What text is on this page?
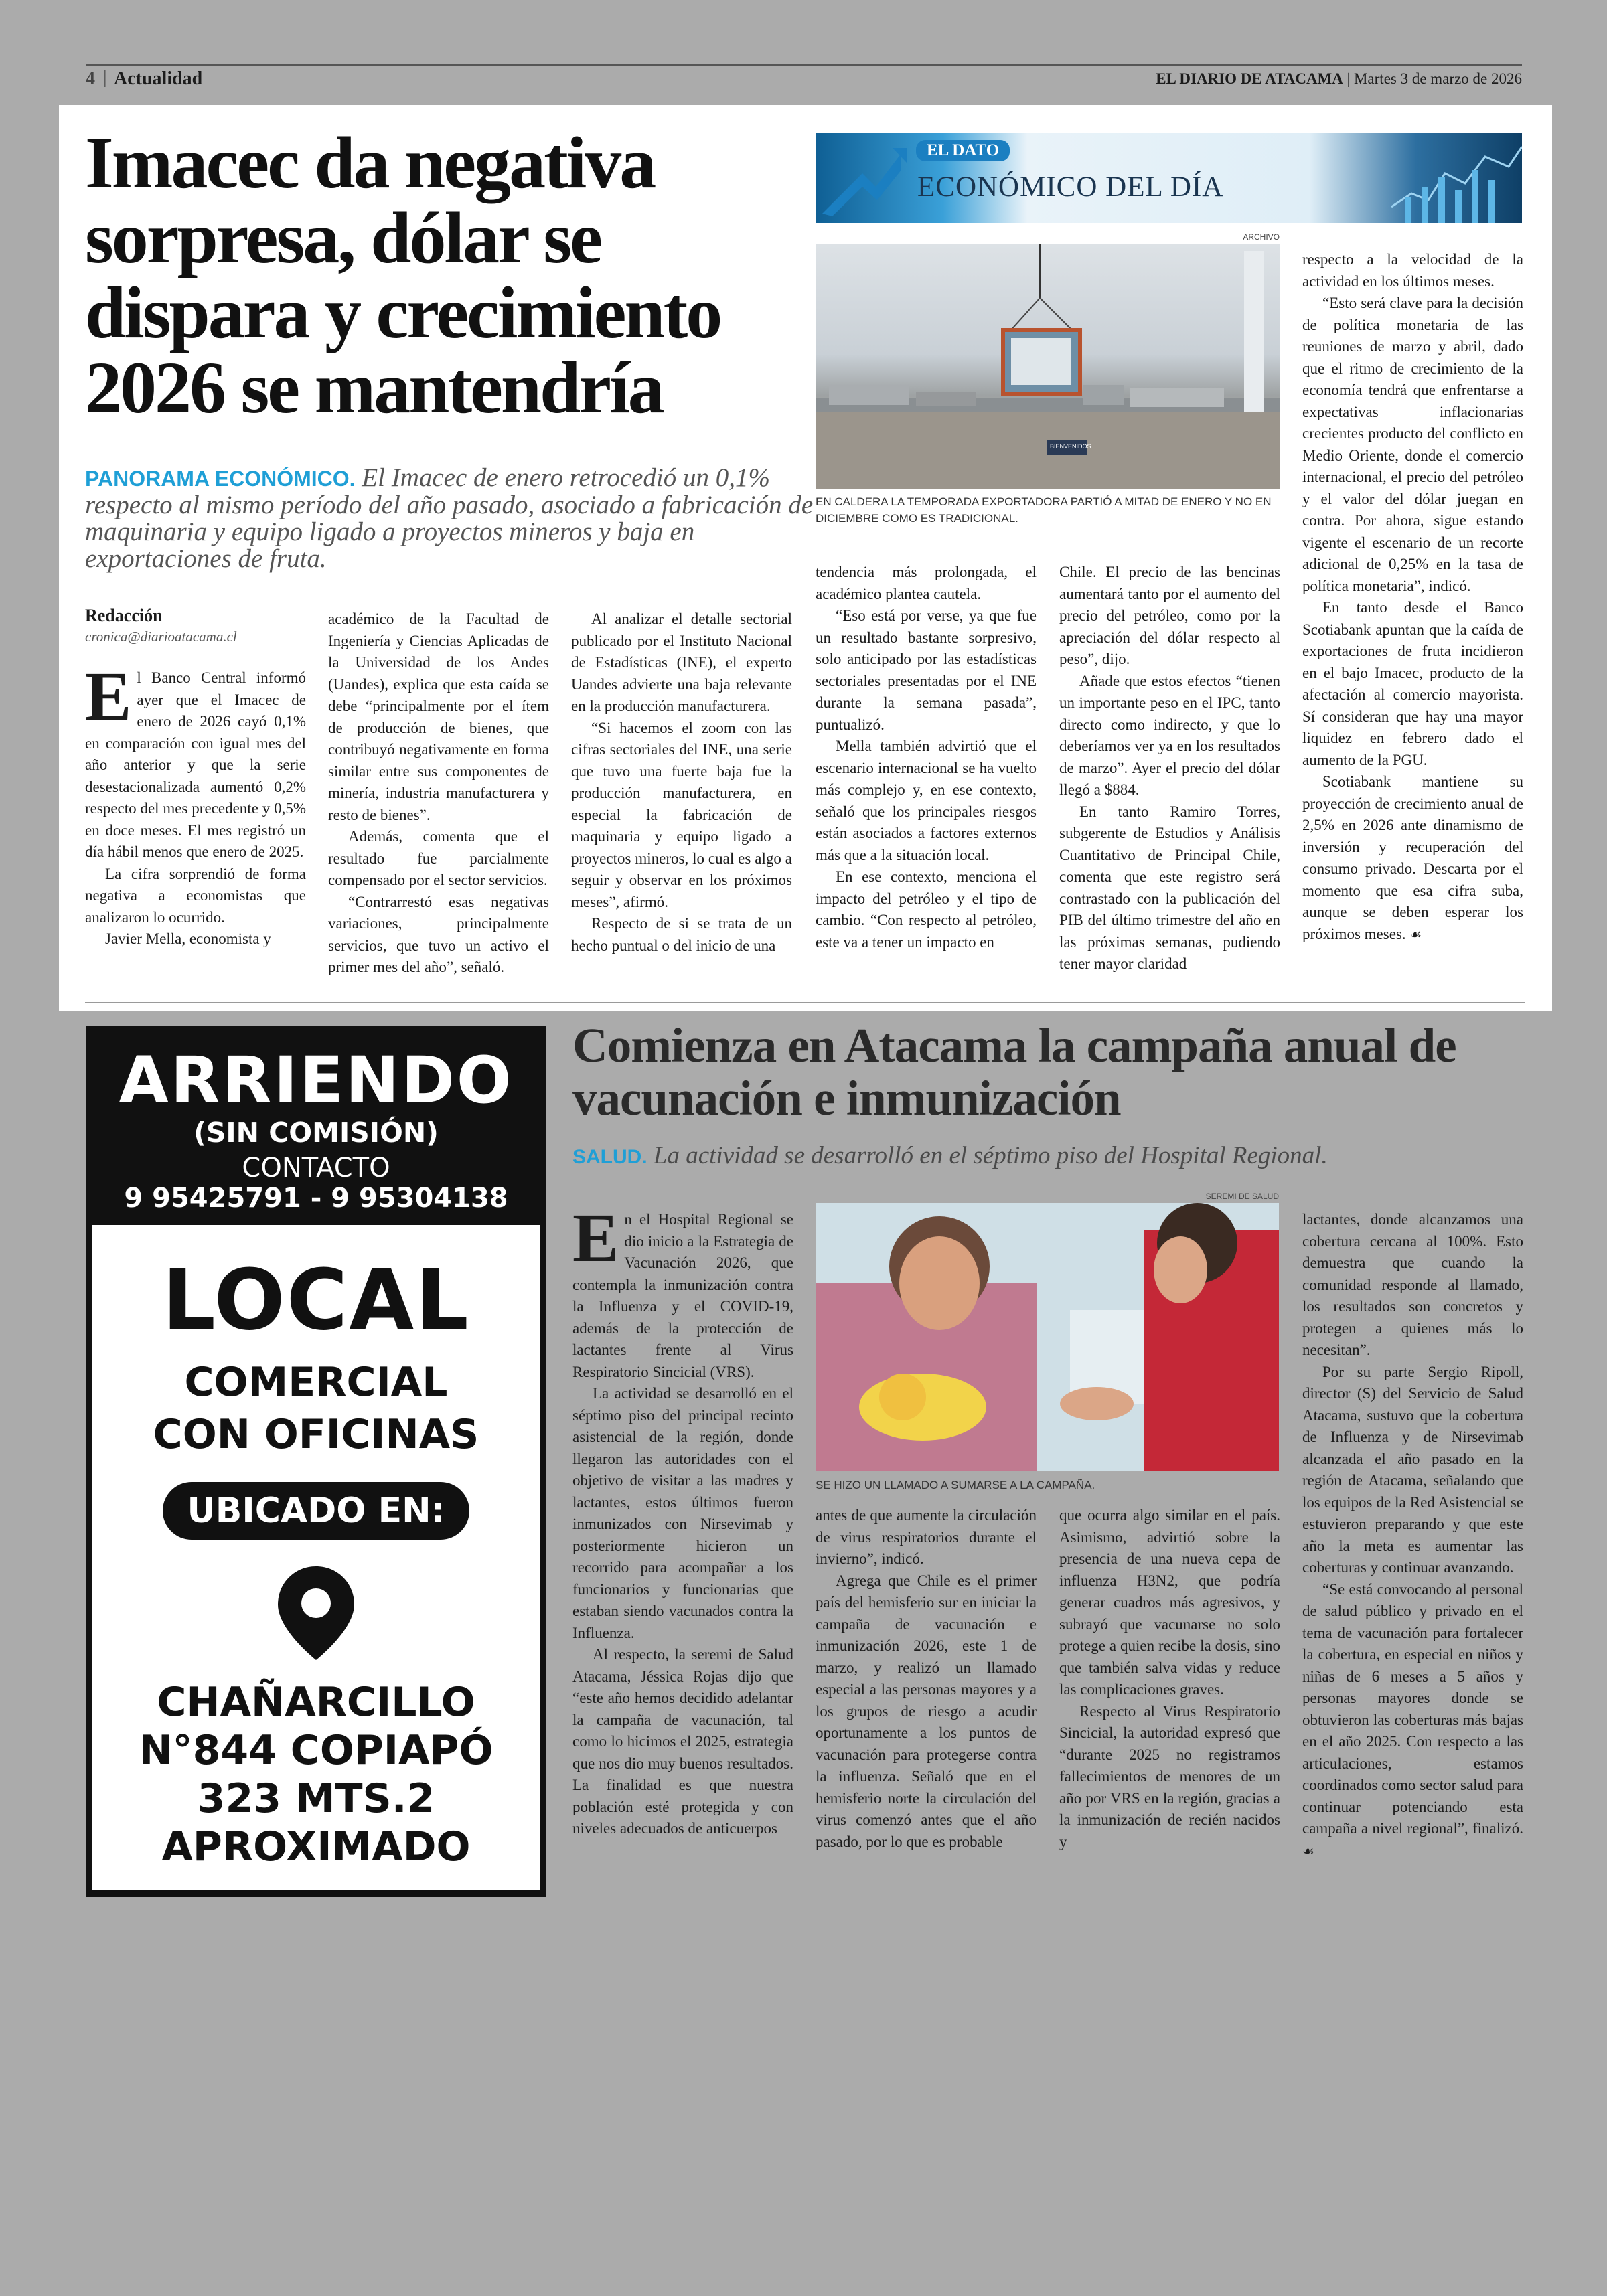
4 | Actualidad	EL DIARIO DE ATACAMA | Martes 3 de marzo de 2026
Imacec da negativa sorpresa, dólar se dispara y crecimiento 2026 se mantendría
PANORAMA ECONÓMICO. El Imacec de enero retrocedió un 0,1% respecto al mismo período del año pasado, asociado a fabricación de maquinaria y equipo ligado a proyectos mineros y baja en exportaciones de fruta.
EL DATO
ECONÓMICO DEL DÍA
ARCHIVO
BIENVENIDOS
EN CALDERA LA TEMPORADA EXPORTADORA PARTIÓ A MITAD DE ENERO Y NO EN DICIEMBRE COMO ES TRADICIONAL.
Redacción
cronica@diarioatacama.cl

El Banco Central informó ayer que el Imacec de enero de 2026 cayó 0,1% en comparación con igual mes del año anterior y que la serie desestacionalizada aumentó 0,2% respecto del mes precedente y 0,5% en doce meses. El mes registró un día hábil menos que enero de 2025.

La cifra sorprendió de forma negativa a economistas que analizaron lo ocurrido.

Javier Mella, economista y

académico de la Facultad de Ingeniería y Ciencias Aplicadas de la Universidad de los Andes (Uandes), explica que esta caída se debe “principalmente por el ítem de producción de bienes, que contribuyó negativamente en forma similar entre sus componentes de minería, industria manufacturera y resto de bienes”.

Además, comenta que el resultado fue parcialmente compensado por el sector servicios.

“Contrarrestó esas negativas variaciones, principalmente servicios, que tuvo un activo el primer mes del año”, señaló.

Al analizar el detalle sectorial publicado por el Instituto Nacional de Estadísticas (INE), el experto Uandes advierte una baja relevante en la producción manufacturera.

“Si hacemos el zoom con las cifras sectoriales del INE, una serie que tuvo una fuerte baja fue la producción manufacturera, en especial la fabricación de maquinaria y equipo ligado a proyectos mineros, lo cual es algo a seguir y observar en los próximos meses”, afirmó.

Respecto de si se trata de un hecho puntual o del inicio de una

tendencia más prolongada, el académico plantea cautela.

“Eso está por verse, ya que fue un resultado bastante sorpresivo, solo anticipado por las estadísticas sectoriales presentadas por el INE durante la semana pasada”, puntualizó.

Mella también advirtió que el escenario internacional se ha vuelto más complejo y, en ese contexto, señaló que los principales riesgos están asociados a factores externos más que a la situación local.

En ese contexto, menciona el impacto del petróleo y el tipo de cambio. “Con respecto al petróleo, este va a tener un impacto en

Chile. El precio de las bencinas aumentará tanto por el aumento del precio del petróleo, como por la apreciación del dólar respecto al peso”, dijo.

Añade que estos efectos “tienen un importante peso en el IPC, tanto directo como indirecto, y que lo deberíamos ver ya en los resultados de marzo”. Ayer el precio del dólar llegó a $884.

En tanto Ramiro Torres, subgerente de Estudios y Análisis Cuantitativo de Principal Chile, comenta que este registro será contrastado con la publicación del PIB del último trimestre del año en las próximas semanas, pudiendo tener mayor claridad

respecto a la velocidad de la actividad en los últimos meses.

“Esto será clave para la decisión de política monetaria de las reuniones de marzo y abril, dado que el ritmo de crecimiento de la economía tendrá que enfrentarse a expectativas inflacionarias crecientes producto del conflicto en Medio Oriente, donde el comercio internacional, el precio del petróleo y el valor del dólar juegan en contra. Por ahora, sigue estando vigente el escenario de un recorte adicional de 0,25% en la tasa de política monetaria”, indicó.

En tanto desde el Banco Scotiabank apuntan que la caída de exportaciones de fruta incidieron en el bajo Imacec, producto de la afectación al comercio mayorista. Sí consideran que hay una mayor liquidez en febrero dado el aumento de la PGU.

Scotiabank mantiene su proyección de crecimiento anual de 2,5% en 2026 ante dinamismo de inversión y recuperación del consumo privado. Descarta por el momento que esa cifra suba, aunque se deben esperar los próximos meses. ☙

ARRIENDO
(SIN COMISIÓN)
CONTACTO
9 95425791 - 9 95304138
LOCAL
COMERCIAL
CON OFICINAS
UBICADO EN:
CHAÑARCILLO
N°844 COPIAPÓ
323 MTS.2
APROXIMADO
Comienza en Atacama la campaña anual de vacunación e inmunización
SALUD. La actividad se desarrolló en el séptimo piso del Hospital Regional.
SEREMI DE SALUD
SE HIZO UN LLAMADO A SUMARSE A LA CAMPAÑA.

En el Hospital Regional se dio inicio a la Estrategia de Vacunación 2026, que contempla la inmunización contra la Influenza y el COVID-19, además de la protección de lactantes frente al Virus Respiratorio Sincicial (VRS).

La actividad se desarrolló en el séptimo piso del principal recinto asistencial de la región, donde llegaron las autoridades con el objetivo de visitar a las madres y lactantes, estos últimos fueron inmunizados con Nirsevimab y posteriormente hicieron un recorrido para acompañar a los funcionarios y funcionarias que estaban siendo vacunados contra la Influenza.

Al respecto, la seremi de Salud Atacama, Jéssica Rojas dijo que “este año hemos decidido adelantar la campaña de vacunación, tal como lo hicimos el 2025, estrategia que nos dio muy buenos resultados. La finalidad es que nuestra población esté protegida y con niveles adecuados de anticuerpos

antes de que aumente la circulación de virus respiratorios durante el invierno”, indicó.

Agrega que Chile es el primer país del hemisferio sur en iniciar la campaña de vacunación e inmunización 2026, este 1 de marzo, y realizó un llamado especial a las personas mayores y a los grupos de riesgo a acudir oportunamente a los puntos de vacunación para protegerse contra la influenza. Señaló que en el hemisferio norte la circulación del virus comenzó antes que el año pasado, por lo que es probable

que ocurra algo similar en el país. Asimismo, advirtió sobre la presencia de una nueva cepa de influenza H3N2, que podría generar cuadros más agresivos, y subrayó que vacunarse no solo protege a quien recibe la dosis, sino que también salva vidas y reduce las complicaciones graves.

Respecto al Virus Respiratorio Sincicial, la autoridad expresó que “durante 2025 no registramos fallecimientos de menores de un año por VRS en la región, gracias a la inmunización de recién nacidos y

lactantes, donde alcanzamos una cobertura cercana al 100%. Esto demuestra que cuando la comunidad responde al llamado, los resultados son concretos y protegen a quienes más lo necesitan”.

Por su parte Sergio Ripoll, director (S) del Servicio de Salud Atacama, sustuvo que la cobertura de Influenza y de Nirsevimab alcanzada el año pasado en la región de Atacama, señalando que los equipos de la Red Asistencial se estuvieron preparando y que este año la meta es aumentar las coberturas y continuar avanzando.

“Se está convocando al personal de salud público y privado en el tema de vacunación para fortalecer la cobertura, en especial en niños y niñas de 6 meses a 5 años y personas mayores donde se obtuvieron las coberturas más bajas en el año 2025. Con respecto a las articulaciones, estamos coordinados como sector salud para continuar potenciando esta campaña a nivel regional”, finalizó. ☙
